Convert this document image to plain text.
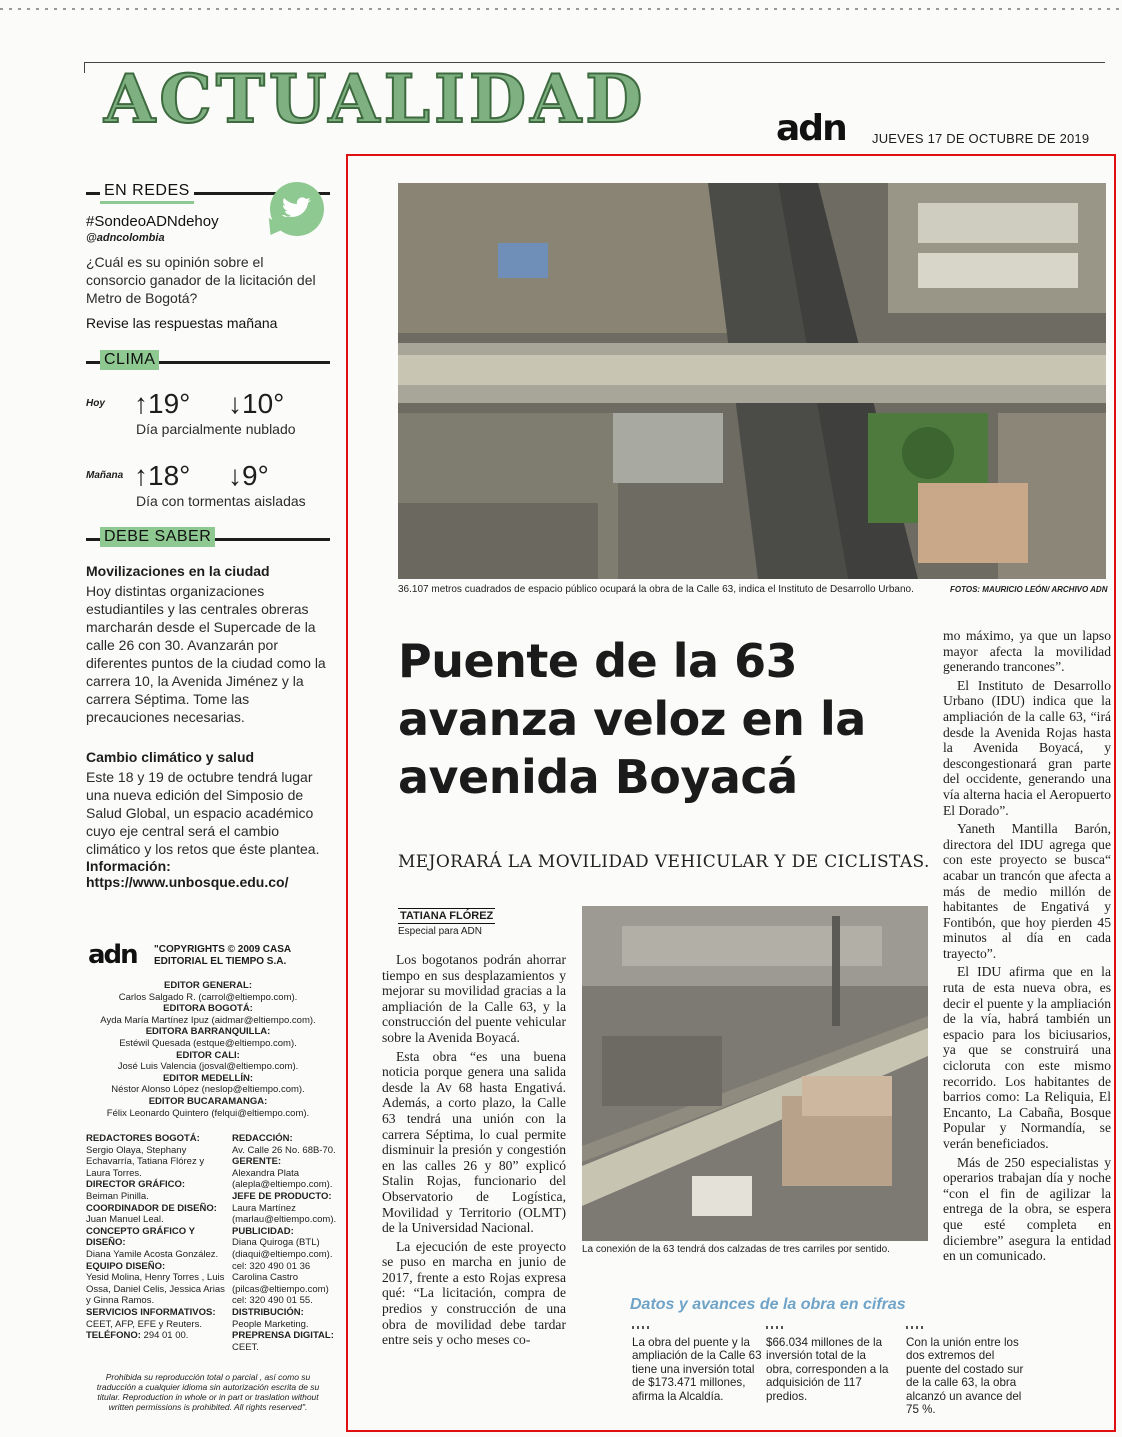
ACTUALIDAD	adn JUEVES 17 DE OCTUBRE DE 2019
EN REDES
#SondeoADNdehoy
@adncolombia
¿Cuál es su opinión sobre el consorcio ganador de la licitación del Metro de Bogotá?
Revise las respuestas mañana
CLIMA
Hoy ↑19° ↓10°
Día parcialmente nublado
Mañana ↑18° ↓9°
Día con tormentas aisladas
DEBE SABER
Movilizaciones en la ciudad
Hoy distintas organizaciones estudiantiles y las centrales obreras marcharán desde el Supercade de la calle 26 con 30. Avanzarán por diferentes puntos de la ciudad como la carrera 10, la Avenida Jiménez y la carrera Séptima. Tome las precauciones necesarias.
Cambio climático y salud
Este 18 y 19 de octubre tendrá lugar una nueva edición del Simposio de Salud Global, un espacio académico cuyo eje central será el cambio climático y los retos que éste plantea.
Información:
https://www.unbosque.edu.co/
adn "COPYRIGHTS © 2009 CASA EDITORIAL EL TIEMPO S.A.
EDITOR GENERAL:
Carlos Salgado R. (carrol@eltiempo.com).
EDITORA BOGOTÁ:
Ayda María Martínez Ipuz (aidmar@eltiempo.com).
EDITORA BARRANQUILLA:
Estéwil Quesada (estque@eltiempo.com).
EDITOR CALI:
José Luis Valencia (josval@eltiempo.com).
EDITOR MEDELLÍN:
Néstor Alonso López (neslop@eltiempo.com).
EDITOR BUCARAMANGA:
Félix Leonardo Quintero (felqui@eltiempo.com).
REDACTORES BOGOTÁ:
Sergio Olaya, Stephany Echavarría, Tatiana Flórez y Laura Torres.
DIRECTOR GRÁFICO:
Beiman Pinilla.
COORDINADOR DE DISEÑO:
Juan Manuel Leal.
CONCEPTO GRÁFICO Y DISEÑO:
Diana Yamile Acosta González.
EQUIPO DISEÑO:
Yesid Molina, Henry Torres , Luis Ossa, Daniel Celis, Jessica Arias y Ginna Ramos.
SERVICIOS INFORMATIVOS:
CEET, AFP, EFE y Reuters.
TELÉFONO: 294 01 00.
REDACCIÓN:
Av. Calle 26 No. 68B-70.
GERENTE:
Alexandra Plata (alepla@eltiempo.com).
JEFE DE PRODUCTO:
Laura Martínez (marlau@eltiempo.com).
PUBLICIDAD:
Diana Quiroga (BTL) (diaqui@eltiempo.com). cel: 320 490 01 36 Carolina Castro (pilcas@eltiempo.com) cel: 320 490 01 55.
DISTRIBUCIÓN:
People Marketing.
PREPRENSA DIGITAL:
CEET.
Prohibida su reproducción total o parcial , así como su traducción a cualquier idioma sin autorización escrita de su titular. Reproduction in whole or in part or traslation without written permissions is prohibited. All rights reserved".
36.107 metros cuadrados de espacio público ocupará la obra de la Calle 63, indica el Instituto de Desarrollo Urbano.	FOTOS: MAURICIO LEÓN/ ARCHIVO ADN
Puente de la 63 avanza veloz en la avenida Boyacá
MEJORARÁ LA MOVILIDAD VEHICULAR Y DE CICLISTAS.
TATIANA FLÓREZ
Especial para ADN

Los bogotanos podrán ahorrar tiempo en sus desplazamientos y mejorar su movilidad gracias a la ampliación de la Calle 63, y la construcción del puente vehicular sobre la Avenida Boyacá.

Esta obra “es una buena noticia porque genera una salida desde la Av 68 hasta Engativá. Además, a corto plazo, la Calle 63 tendrá una unión con la carrera Séptima, lo cual permite disminuir la presión y congestión en las calles 26 y 80” explicó Stalin Rojas, funcionario del Observatorio de Logística, Movilidad y Territorio (OLMT) de la Universidad Nacional.

La ejecución de este proyecto se puso en marcha en junio de 2017, frente a esto Rojas expresa qué: “La licitación, compra de predios y construcción de una obra de movilidad debe tardar entre seis y ocho meses co-

La conexión de la 63 tendrá dos calzadas de tres carriles por sentido.

mo máximo, ya que un lapso mayor afecta la movilidad generando trancones”.

El Instituto de Desarrollo Urbano (IDU) indica que la ampliación de la calle 63, “irá desde la Avenida Rojas hasta la Avenida Boyacá, y descongestionará gran parte del occidente, generando una vía alterna hacia el Aeropuerto El Dorado”.

Yaneth Mantilla Barón, directora del IDU agrega que con este proyecto se busca“ acabar un trancón que afecta a más de medio millón de habitantes de Engativá y Fontibón, que hoy pierden 45 minutos al día en cada trayecto”.

El IDU afirma que en la ruta de esta nueva obra, es decir el puente y la ampliación de la vía, habrá también un espacio para los biciusarios, ya que se construirá una cicloruta con este mismo recorrido. Los habitantes de barrios como: La Reliquia, El Encanto, La Cabaña, Bosque Popular y Normandía, se verán beneficiados.

Más de 250 especialistas y operarios trabajan día y noche “con el fin de agilizar la entrega de la obra, se espera que esté completa en diciembre” asegura la entidad en un comunicado.

Datos y avances de la obra en cifras
La obra del puente y la ampliación de la Calle 63 tiene una inversión total de $173.471 millones, afirma la Alcaldía.
$66.034 millones de la inversión total de la obra, corresponden a la adquisición de 117 predios.
Con la unión entre los dos extremos del puente del costado sur de la calle 63, la obra alcanzó un avance del 75 %.
